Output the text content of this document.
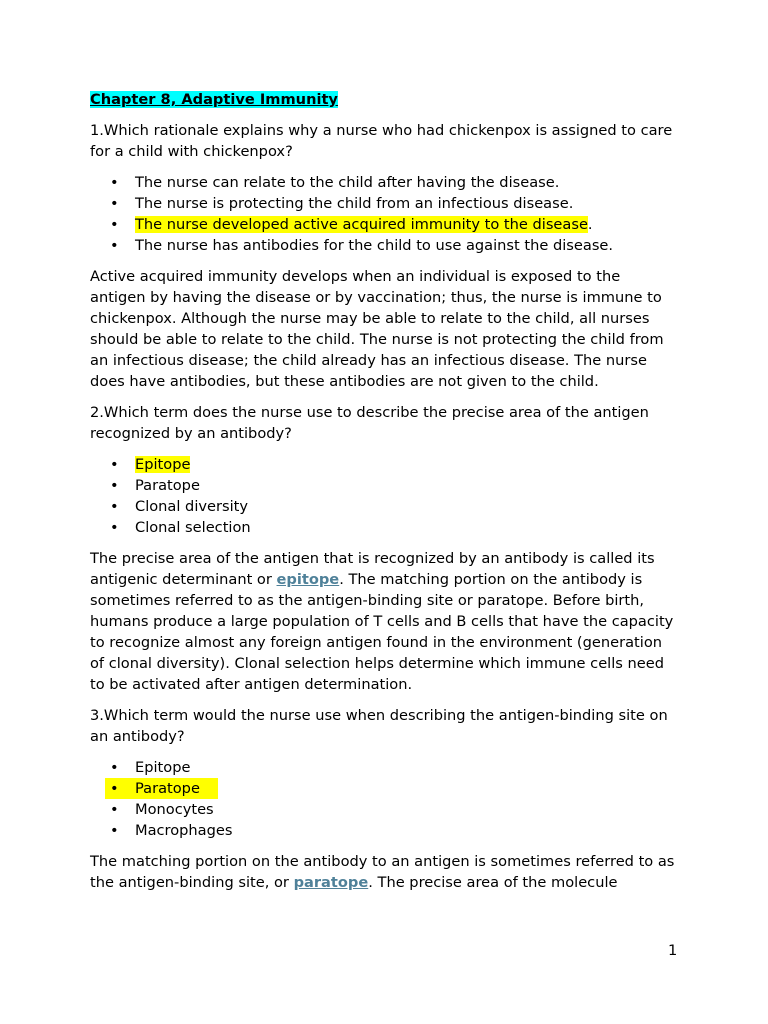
Chapter 8, Adaptive Immunity

1.Which rationale explains why a nurse who had chickenpox is assigned to care for a child with chickenpox?

• The nurse can relate to the child after having the disease.
• The nurse is protecting the child from an infectious disease.
• The nurse developed active acquired immunity to the disease.
• The nurse has antibodies for the child to use against the disease.

Active acquired immunity develops when an individual is exposed to the antigen by having the disease or by vaccination; thus, the nurse is immune to chickenpox. Although the nurse may be able to relate to the child, all nurses should be able to relate to the child. The nurse is not protecting the child from an infectious disease; the child already has an infectious disease. The nurse does have antibodies, but these antibodies are not given to the child.

2.Which term does the nurse use to describe the precise area of the antigen recognized by an antibody?

• Epitope
• Paratope
• Clonal diversity
• Clonal selection

The precise area of the antigen that is recognized by an antibody is called its antigenic determinant or epitope. The matching portion on the antibody is sometimes referred to as the antigen-binding site or paratope. Before birth, humans produce a large population of T cells and B cells that have the capacity to recognize almost any foreign antigen found in the environment (generation of clonal diversity). Clonal selection helps determine which immune cells need to be activated after antigen determination.

3.Which term would the nurse use when describing the antigen-binding site on an antibody?

• Epitope
• Paratope
• Monocytes
• Macrophages

The matching portion on the antibody to an antigen is sometimes referred to as the antigen-binding site, or paratope. The precise area of the molecule

1
